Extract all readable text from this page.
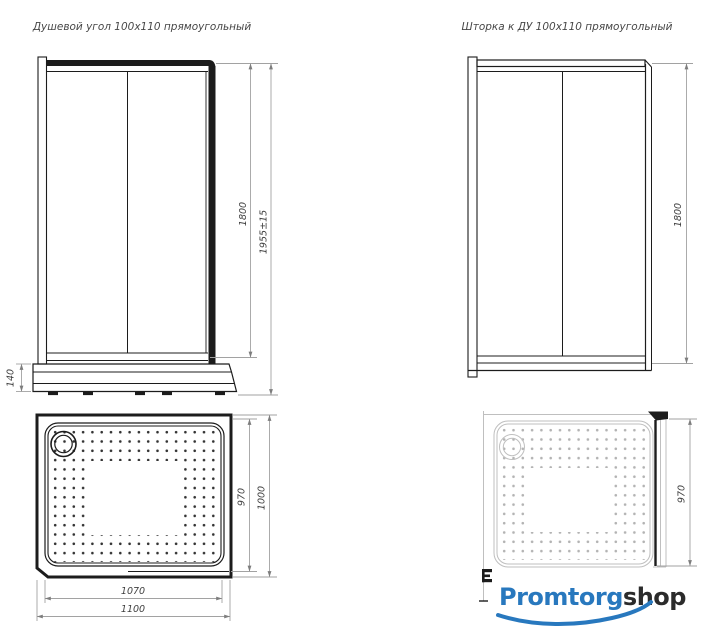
Душевой угол 100x110 прямоугольный	Шторка к ДУ 100x110 прямоугольный
1800 1955±15
140
1800
970 1000
1070
1100
970
Promtorgshop
